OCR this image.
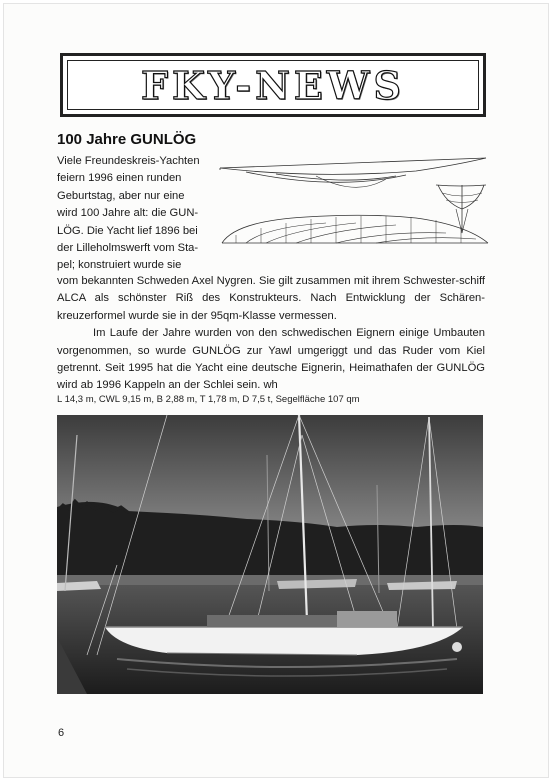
FKY-NEWS
100 Jahre GUNLÖG

Viele Freundeskreis-Yachten

feiern 1996 einen runden

Geburtstag, aber nur eine

wird 100 Jahre alt: die GUN-

LÖG. Die Yacht lief 1896 bei

der Lilleholmswerft vom Sta-

pel; konstruiert wurde sie

vom bekannten Schweden Axel Nygren. Sie gilt zusammen mit ihrem Schwester-schiff ALCA als schönster Riß des Konstrukteurs. Nach Entwicklung der Schären-kreuzerformel wurde sie in der 95qm-Klasse vermessen.

Im Laufe der Jahre wurden von den schwedischen Eignern einige Umbauten vorgenommen, so wurde GUNLÖG zur Yawl umgeriggt und das Ruder vom Kiel getrennt. Seit 1995 hat die Yacht eine deutsche Eignerin, Heimathafen der GUNLÖG wird ab 1996 Kappeln an der Schlei sein. wh

L 14,3 m, CWL 9,15 m, B 2,88 m, T 1,78 m, D 7,5 t, Segelfläche 107 qm
6
